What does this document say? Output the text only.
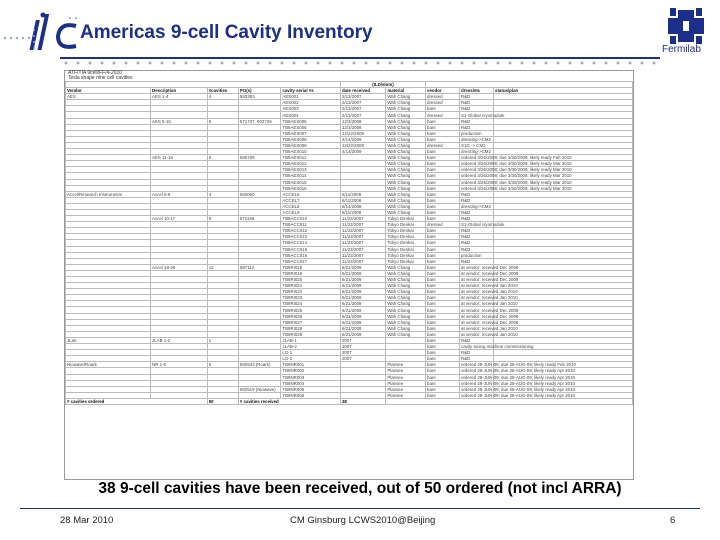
Americas 9-cell Cavity Inventory
Fermilab
ATF/TIA 9cell/FF/4-2010
Tesla shape nine cell cavities
					(ILD/slots)				
Vendor	Description	#cavities	PO(s)	cavity serial #s	date received	material	vendor	dress/etc	status/plan
AES	AES 1-4	4	583353	AES001	2/13/2007	Wah Chang	dressed	R&D	
				AES002	2/13/2007	Wah Chang	dressed	R&D	
				AES003	2/13/2007	Wah Chang	bare	R&D	
				AES004	2/13/2007	Wah Chang	dressed	S1-Global cryomodule	
	AES 5-10	6	571737, 602729	TB9AES005	12/3/2008	Wah Chang	bare	R&D	
				TB9AES006	12/3/2008	Wah Chang	bare	R&D	
				TB9AES007	12/22/2008	Wah Chang	bare	production	
				TB9AES008	4/14/2009	Wah Chang	bare	dressing->CM2	
				TB9AES009	12/22/2008	Wah Chang	dressed	S1G -> CM2	
				TB9AES010	4/14/2009	Wah Chang	bare	dressing->CM2	
	AES 11-16	6	585709	TB9AES011		Wah Chang	bare	ordered 3/26/2008; due 3/30/2009; likely ready Feb 2010	
				TB9AES012		Wah Chang	bare	ordered 3/26/2008; due 3/30/2009; likely ready Mar 2010	
				TB9AES013		Wah Chang	bare	ordered 3/26/2008; due 3/30/2009; likely ready Mar 2010	
				TB9AES014		Wah Chang	bare	ordered 3/26/2008; due 3/30/2009; likely ready Mar 2010	
				TB9AES015		Wah Chang	bare	ordered 3/26/2008; due 3/30/2009; likely ready Mar 2010	
				TB9AES016		Wah Chang	bare	ordered 3/26/2008; due 3/30/2009; likely ready Mar 2010	
Accel/Research Instruments	Accel 6-9	4	560060	ACCEL6	6/11/2008	Wah Chang	bare	R&D	
				ACCEL7	6/11/2008	Wah Chang	bare	R&D	
				ACCEL8	6/14/2008	Wah Chang	bare	dressing->CM2	
				ACCEL9	6/11/2008	Wah Chang	bare	R&D	
	Accel 10-17	8	571156	TB9ACC010	11/23/2007	Tokyo Denkai	bare	R&D	
				TB9ACC011	11/23/2007	Tokyo Denkai	dressed	S1-Global cryomodule	
				TB9ACC012	11/23/2007	Tokyo Denkai	bare	R&D	
				TB9ACC013	11/23/2007	Tokyo Denkai	bare	R&D	
				TB9ACC014	11/23/2007	Tokyo Denkai	bare	R&D	
				TB9ACC015	11/23/2007	Tokyo Denkai	bare	R&D	
				TB9ACC016	11/23/2007	Tokyo Denkai	bare	production	
				TB9ACC017	11/23/2007	Tokyo Denkai	bare	R&D	
	Accel 18-29	12	587112	TB9RI018	6/21/2009	Wah Chang	bare	at vendor; received Dec 2009	
				TB9RI019	6/21/2009	Wah Chang	bare	at vendor; received Dec 2009	
				TB9RI020	6/21/2009	Wah Chang	bare	at vendor; received Dec 2009	
				TB9RI021	6/21/2009	Wah Chang	bare	at vendor; received Jan 2010	
				TB9RI022	6/21/2009	Wah Chang	bare	at vendor; received Jan 2010	
				TB9RI023	6/21/2009	Wah Chang	bare	at vendor; received Jan 2010	
				TB9RI024	6/21/2009	Wah Chang	bare	at vendor; received Jan 2010	
				TB9RI025	6/21/2009	Wah Chang	bare	at vendor; received Dec 2009	
				TB9RI026	6/21/2009	Wah Chang	bare	at vendor; received Dec 2009	
				TB9RI027	6/21/2009	Wah Chang	bare	at vendor; received Dec 2009	
				TB9RI028	6/21/2009	Wah Chang	bare	at vendor; received Jan 2010	
				TB9RI029	6/21/2009	Wah Chang	bare	at vendor; received Jan 2010	
JLab	JLAB 1-2	1		JLAB-1	2007		bare	R&D	
				JLAB-2	2007		bare	cavity tuning machine commissioning	
				LG-1	2007		bare	R&D	
				LG-2	2007		bare	R&D	
Niowave/Roark	NR 1-6	6	582533 (Roark)	TB9NR001		Plansee	bare	ordered 28-JUN-09; due 28-AUG-09; likely ready Feb 2010	
				TB9NR002		Plansee	bare	ordered 28-JUN-09; due 28-AUG-09; likely ready Apr 2010	
				TB9NR003		Plansee	bare	ordered 28-JUN-09; due 28-AUG-09; likely ready Apr 2010	
				TB9NR004		Plansee	bare	ordered 28-JUN-09; due 28-AUG-09; likely ready Apr 2010	
			582519 (Niowave)	TB9NR005		Plansee	bare	ordered 28-JUN-09; due 28-AUG-09; likely ready Apr 2010	
				TB9NR006		Plansee	bare	ordered 28-JUN-09; due 28-AUG-09; likely ready Apr 2010	
# cavities ordered		50	# cavities received		38				
38 9-cell cavities have been received, out of 50 ordered (not incl ARRA)
28 Mar 2010	CM Ginsburg LCWS2010@Beijing	6
